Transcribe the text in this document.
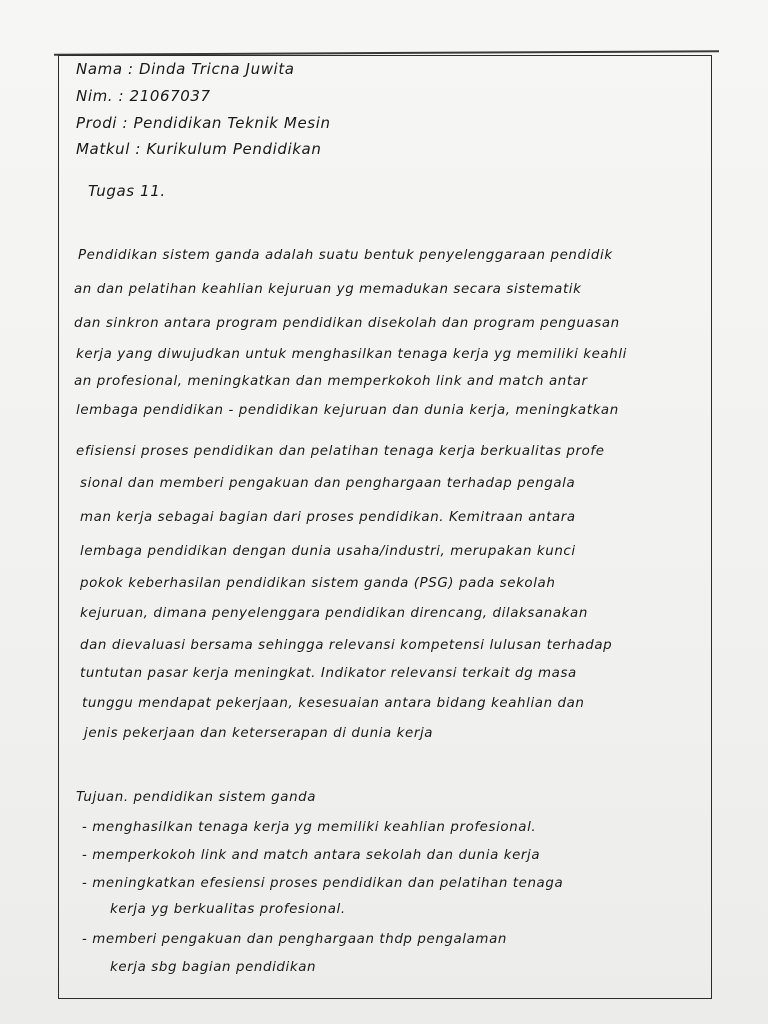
Nama : Dinda Tricna Juwita
Nim. : 21067037
Prodi : Pendidikan Teknik Mesin
Matkul : Kurikulum Pendidikan
Tugas 11.
Pendidikan sistem ganda adalah suatu bentuk penyelenggaraan pendidik
an dan pelatihan keahlian kejuruan yg memadukan secara sistematik
dan sinkron antara program pendidikan disekolah dan program penguasan
kerja yang diwujudkan untuk menghasilkan tenaga kerja yg memiliki keahli
an profesional, meningkatkan dan memperkokoh link and match antar
lembaga pendidikan - pendidikan kejuruan dan dunia kerja, meningkatkan
efisiensi proses pendidikan dan pelatihan tenaga kerja berkualitas profe
sional dan memberi pengakuan dan penghargaan terhadap pengala
man kerja sebagai bagian dari proses pendidikan. Kemitraan antara
lembaga pendidikan dengan dunia usaha/industri, merupakan kunci
pokok keberhasilan pendidikan sistem ganda (PSG) pada sekolah
kejuruan, dimana penyelenggara pendidikan direncang, dilaksanakan
dan dievaluasi bersama sehingga relevansi kompetensi lulusan terhadap
tuntutan pasar kerja meningkat. Indikator relevansi terkait dg masa
tunggu mendapat pekerjaan, kesesuaian antara bidang keahlian dan
jenis pekerjaan dan keterserapan di dunia kerja
Tujuan. pendidikan sistem ganda
- menghasilkan tenaga kerja yg memiliki keahlian profesional.
- memperkokoh link and match antara sekolah dan dunia kerja
- meningkatkan efesiensi proses pendidikan dan pelatihan tenaga
kerja yg berkualitas profesional.
- memberi pengakuan dan penghargaan thdp pengalaman
kerja sbg bagian pendidikan
